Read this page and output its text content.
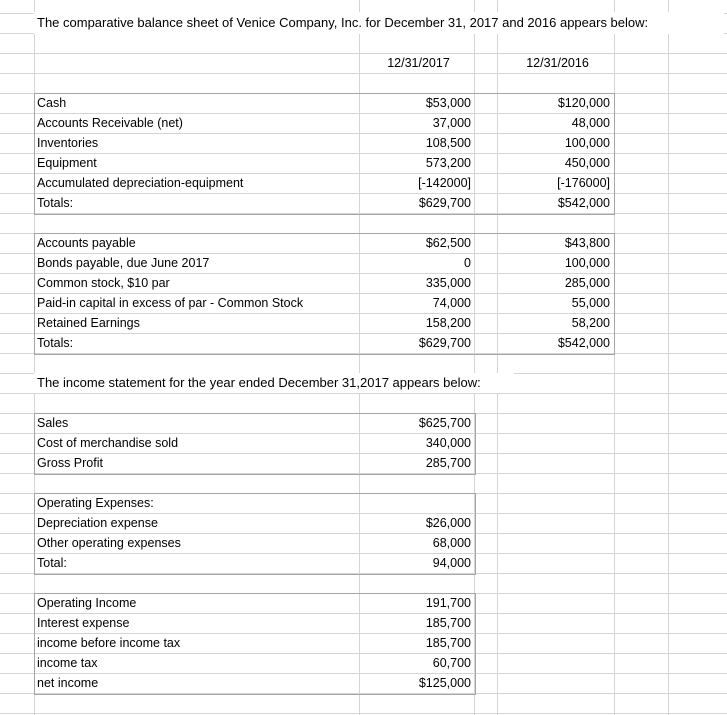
The comparative balance sheet of Venice Company, Inc. for December 31, 2017 and 2016 appears below:
The income statement for the year ended December 31,2017 appears below:
12/31/2017	12/31/2016
Cash	$53,000	$120,000
Accounts Receivable (net)	37,000	48,000
Inventories	108,500	100,000
Equipment	573,200	450,000
Accumulated depreciation-equipment	[-142000]	[-176000]
Totals:	$629,700	$542,000
Accounts payable	$62,500	$43,800
Bonds payable, due June 2017	0	100,000
Common stock, $10 par	335,000	285,000
Paid-in capital in excess of par - Common Stock	74,000	55,000
Retained Earnings	158,200	58,200
Totals:	$629,700	$542,000
Sales	$625,700
Cost of merchandise sold	340,000
Gross Profit	285,700
Operating Expenses:
Depreciation expense	$26,000
Other operating expenses	68,000
Total:	94,000
Operating Income	191,700
Interest expense	185,700
income before income tax	185,700
income tax	60,700
net income	$125,000
